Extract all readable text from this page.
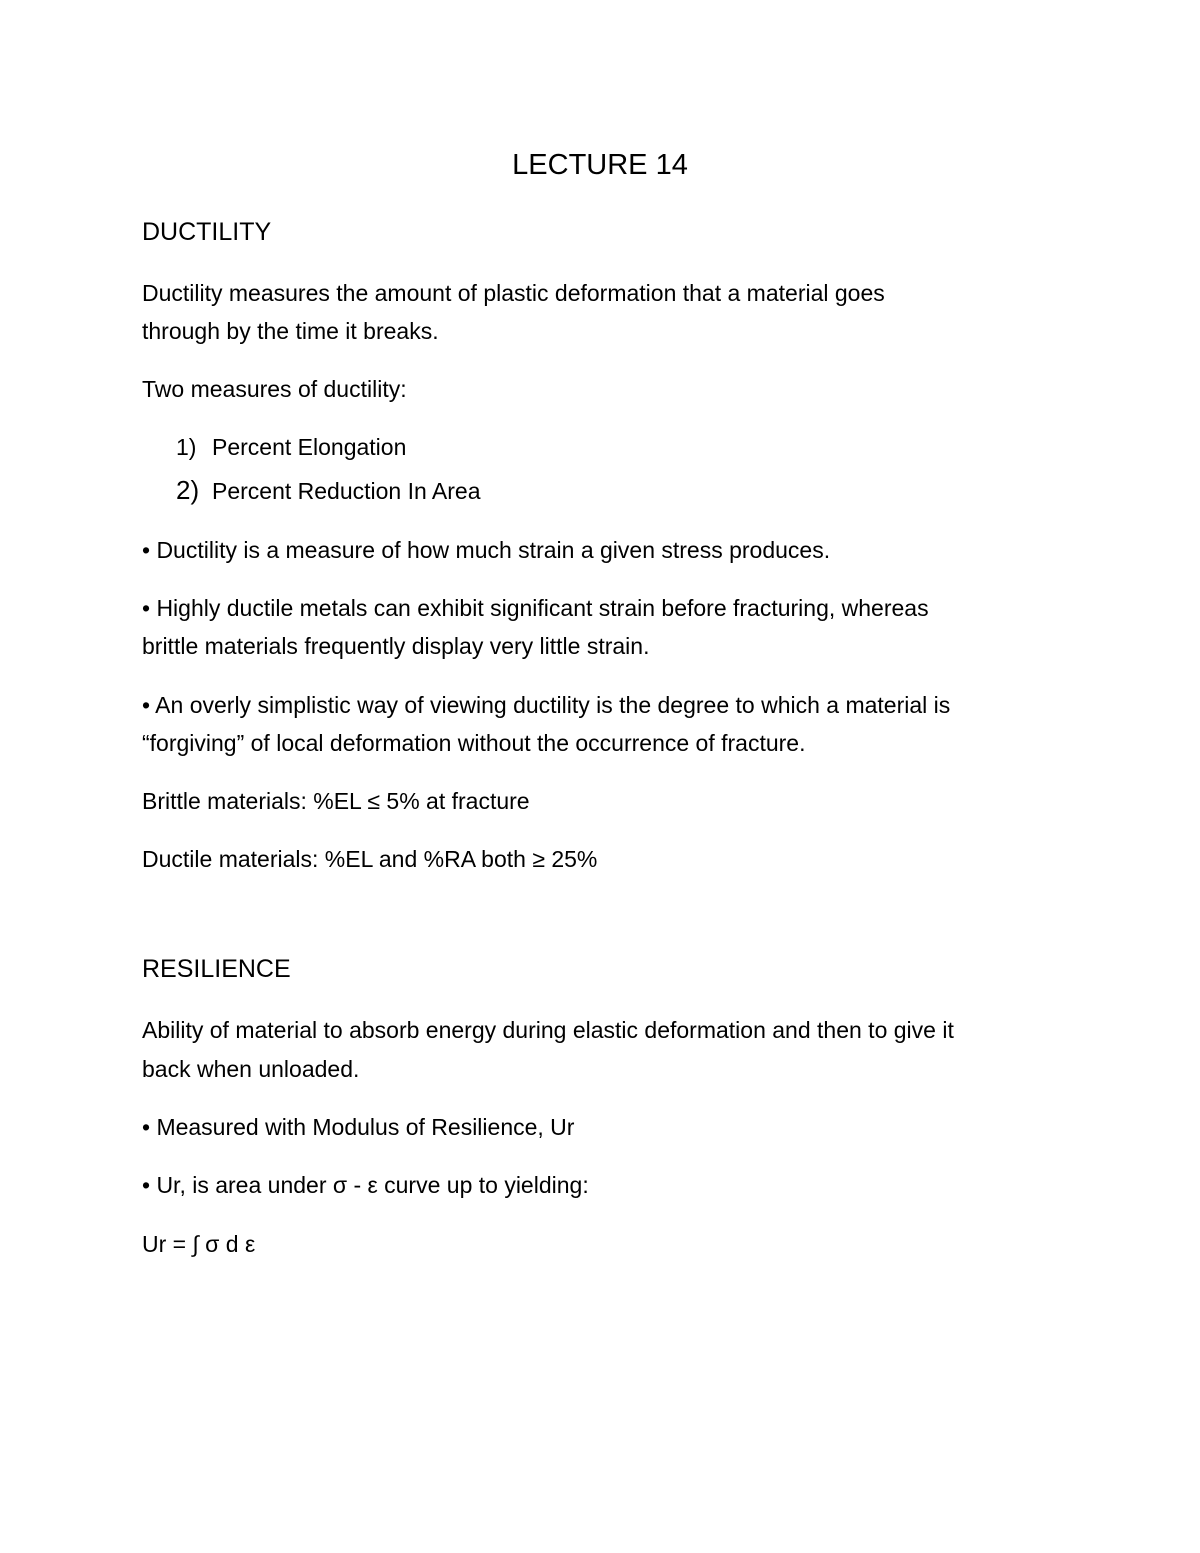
LECTURE 14
DUCTILITY
Ductility measures the amount of plastic deformation that a material goes
through by the time it breaks.
Two measures of ductility:
1) Percent Elongation
2) Percent Reduction In Area
• Ductility is a measure of how much strain a given stress produces.
• Highly ductile metals can exhibit significant strain before fracturing, whereas
brittle materials frequently display very little strain.
• An overly simplistic way of viewing ductility is the degree to which a material is
“forgiving” of local deformation without the occurrence of fracture.
Brittle materials: %EL ≤ 5% at fracture
Ductile materials: %EL and %RA both ≥ 25%
RESILIENCE
Ability of material to absorb energy during elastic deformation and then to give it
back when unloaded.
• Measured with Modulus of Resilience, Ur
• Ur, is area under σ - ε curve up to yielding:
Ur = ∫ σ d ε
